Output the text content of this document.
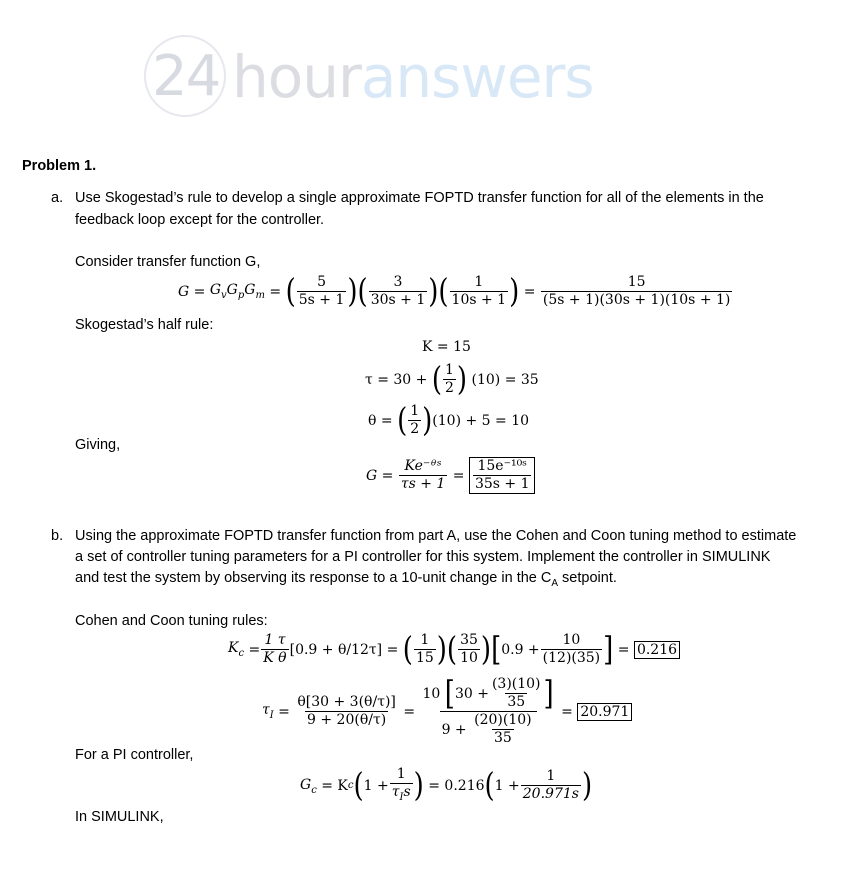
24 houranswers
Problem 1.
a. Use Skogestad’s rule to develop a single approximate FOPTD transfer function for all of the elements in the
feedback loop except for the controller.
Consider transfer function G,
$G = G_vG_pG_m$ = ( $\frac{5}{5s + 1}$ ) ( $\frac{3}{30s + 1}$ ) ( $\frac{1}{10s + 1}$ ) = $\frac{15}{(5s + 1)(30s + 1)(10s + 1)}$
Skogestad’s half rule:
K = 15
τ = 30 +
( $\frac{1}{2}$ )
(10) = 35
θ =
( $\frac{1}{2}$ ) (10) + 5 = 10
Giving,
$G = \frac{\text{Ke⁻ᶿˢ}}{\tau s + 1} = \frac{\text{15e⁻¹⁰ˢ}}{35s + 1}$
b. Using the approximate FOPTD transfer function from part A, use the Cohen and Coon tuning method to estimate
a set of controller tuning parameters for a PI controller for this system. Implement the controller in SIMULINK
and test the system by observing its response to a 10-unit change in the $C_A$ setpoint.
Cohen and Coon tuning rules:
$K_c = \frac{1 \tau}{\text{K θ}} [0.9 + \theta/12\tau]$ =
( $\frac{1}{15}$ ) ( $\frac{35}{10}$ ) [ $0.9 + \frac{10}{(12)(35)}$ ] = 0.216
$\tau_I = \frac{\theta[30 + 3(\theta/\tau)]}{9 + 20(\theta/\tau)} = 10$
[ $30 + \frac{(3)(10)}{35}$ ]
9 +
$\frac{(20)(10)}{35} = 20.971$
For a PI controller,
$G_c$
= K c ( $1 + \frac{1}{\tau_Is}$ )
= 0.216 ( $1 + \frac{1}{20.971s}$ )
In SIMULINK,
